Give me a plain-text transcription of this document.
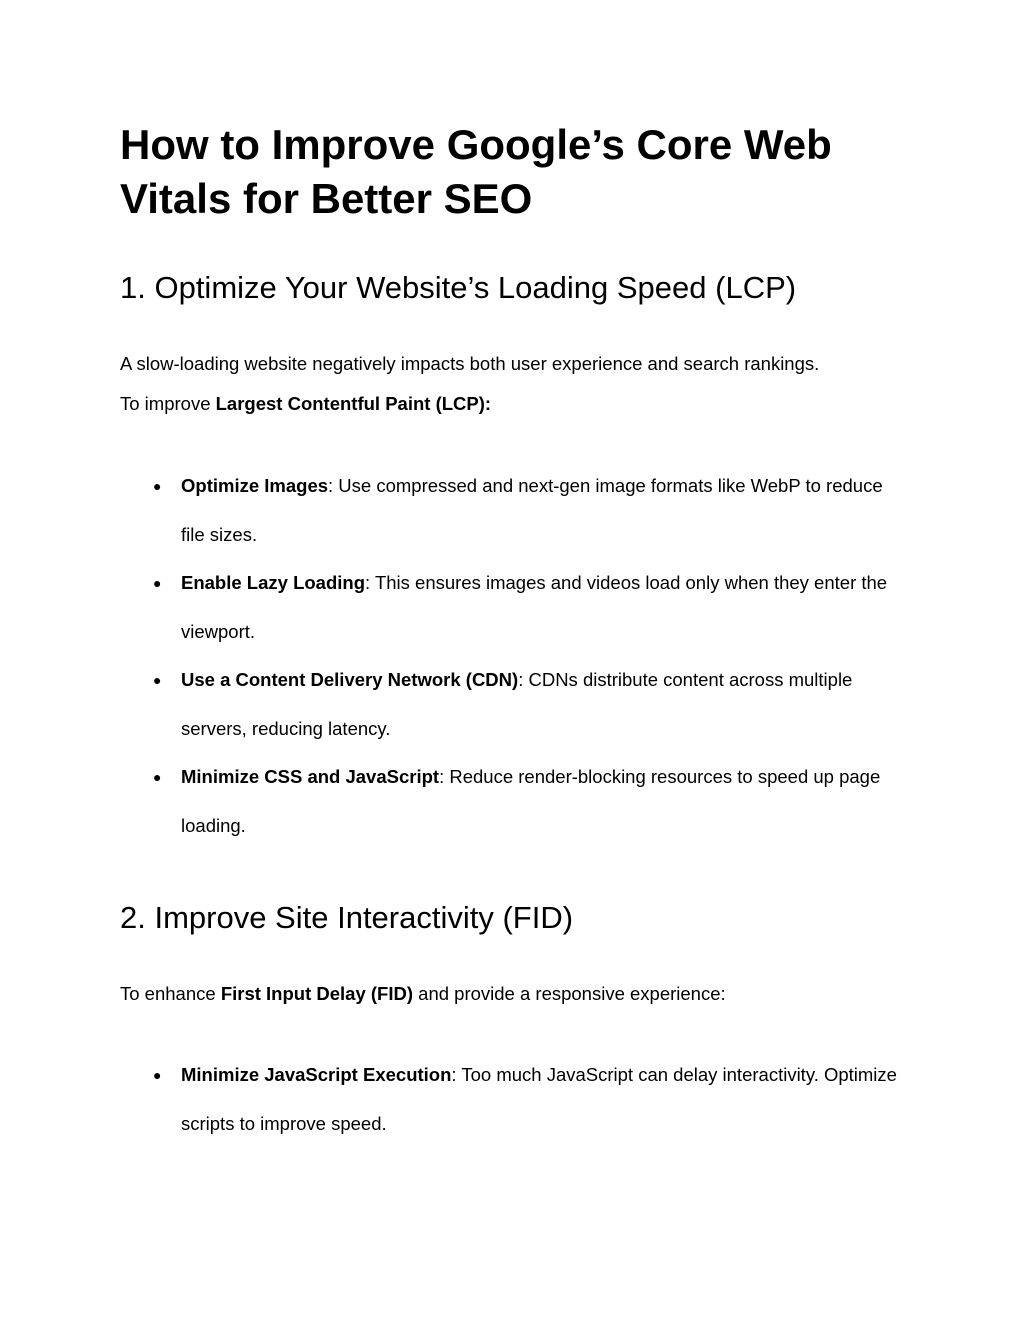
How to Improve Google’s Core Web Vitals for Better SEO
1. Optimize Your Website’s Loading Speed (LCP)

A slow-loading website negatively impacts both user experience and search rankings.
To improve Largest Contentful Paint (LCP):

● Optimize Images: Use compressed and next-gen image formats like WebP to reduce file sizes.
● Enable Lazy Loading: This ensures images and videos load only when they enter the viewport.
● Use a Content Delivery Network (CDN): CDNs distribute content across multiple servers, reducing latency.
● Minimize CSS and JavaScript: Reduce render-blocking resources to speed up page loading.
2. Improve Site Interactivity (FID)

To enhance First Input Delay (FID) and provide a responsive experience:

● Minimize JavaScript Execution: Too much JavaScript can delay interactivity. Optimize scripts to improve speed.
